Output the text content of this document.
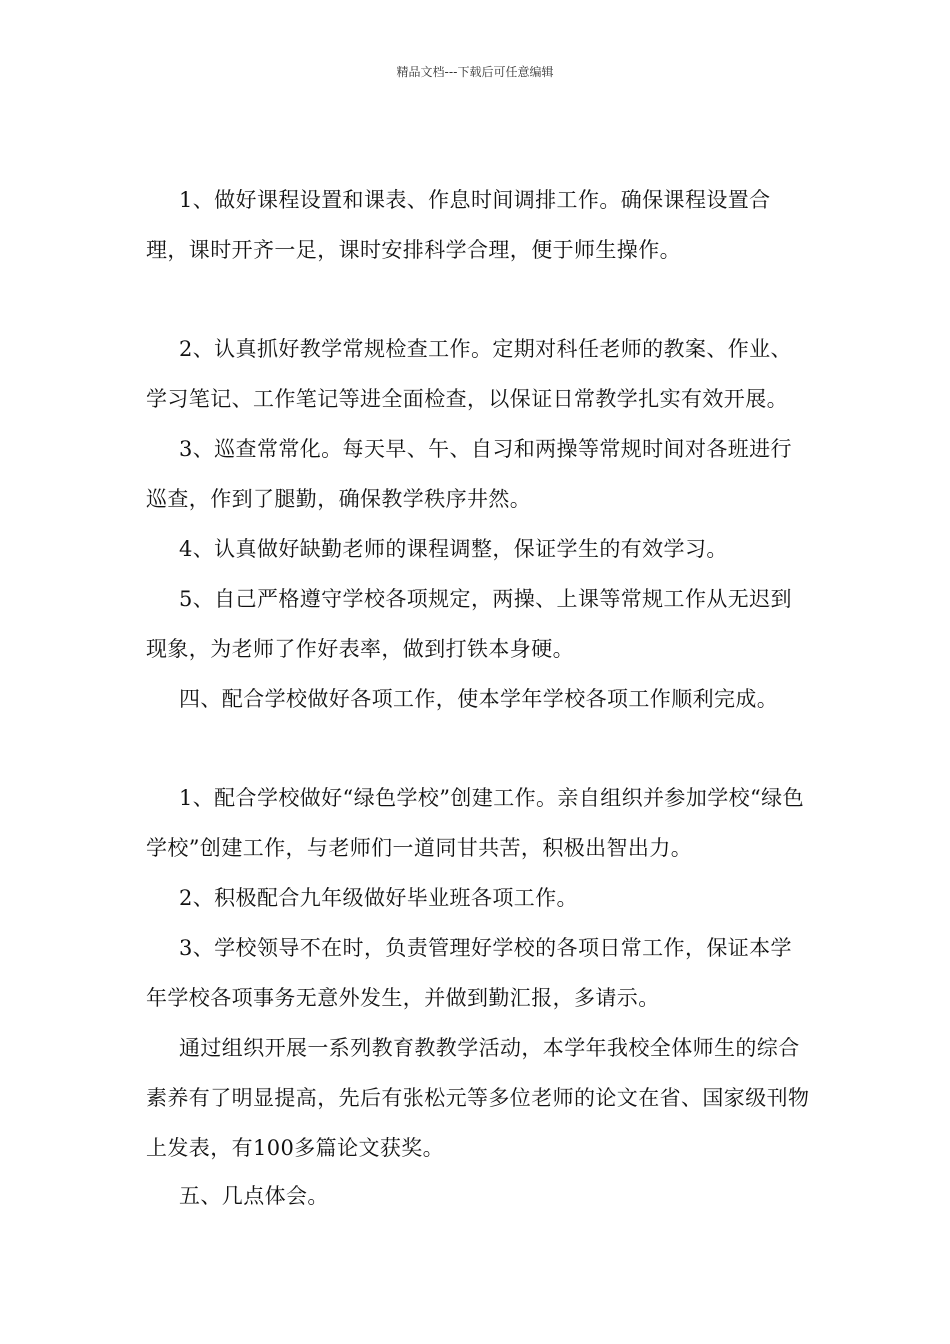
精品文档---下载后可任意编辑

1、做好课程设置和课表、作息时间调排工作。确保课程设置合理，课时开齐一足，课时安排科学合理，便于师生操作。

2、认真抓好教学常规检查工作。定期对科任老师的教案、作业、学习笔记、工作笔记等进全面检查，以保证日常教学扎实有效开展。

3、巡查常常化。每天早、午、自习和两操等常规时间对各班进行巡查，作到了腿勤，确保教学秩序井然。

4、认真做好缺勤老师的课程调整，保证学生的有效学习。

5、自己严格遵守学校各项规定，两操、上课等常规工作从无迟到现象，为老师了作好表率，做到打铁本身硬。

四、配合学校做好各项工作，使本学年学校各项工作顺利完成。

1、配合学校做好“绿色学校”创建工作。亲自组织并参加学校“绿色学校”创建工作，与老师们一道同甘共苦，积极出智出力。

2、积极配合九年级做好毕业班各项工作。

3、学校领导不在时，负责管理好学校的各项日常工作，保证本学年学校各项事务无意外发生，并做到勤汇报，多请示。

通过组织开展一系列教育教教学活动，本学年我校全体师生的综合素养有了明显提高，先后有张松元等多位老师的论文在省、国家级刊物上发表，有100多篇论文获奖。

五、几点体会。
